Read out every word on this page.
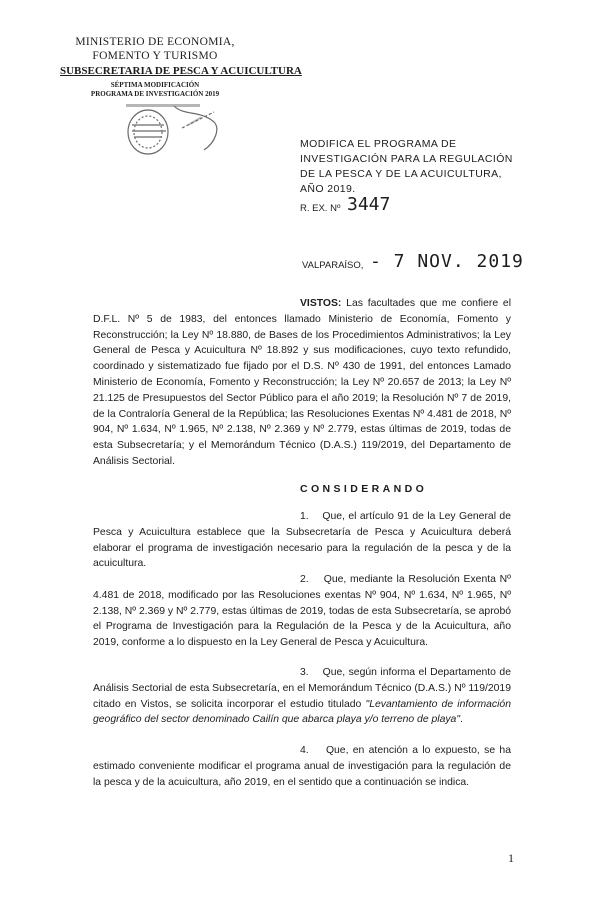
MINISTERIO DE ECONOMIA,
FOMENTO Y TURISMO
SUBSECRETARIA DE PESCA Y ACUICULTURA
SÉPTIMA MODIFICACIÓN
PROGRAMA DE INVESTIGACIÓN 2019
MODIFICA EL PROGRAMA DE INVESTIGACIÓN PARA LA REGULACIÓN DE LA PESCA Y DE LA ACUICULTURA, AÑO 2019.
R. EX. Nº 3447
VALPARAÍSO, - 7 NOV. 2019
VISTOS: Las facultades que me confiere el D.F.L. Nº 5 de 1983, del entonces llamado Ministerio de Economía, Fomento y Reconstrucción; la Ley Nº 18.880, de Bases de los Procedimientos Administrativos; la Ley General de Pesca y Acuicultura Nº 18.892 y sus modificaciones, cuyo texto refundido, coordinado y sistematizado fue fijado por el D.S. Nº 430 de 1991, del entonces Lamado Ministerio de Economía, Fomento y Reconstrucción; la Ley Nº 20.657 de 2013; la Ley Nº 21.125 de Presupuestos del Sector Público para el año 2019; la Resolución Nº 7 de 2019, de la Contraloría General de la República; las Resoluciones Exentas Nº 4.481 de 2018, Nº 904, Nº 1.634, Nº 1.965, Nº 2.138, Nº 2.369 y Nº 2.779, estas últimas de 2019, todas de esta Subsecretaría; y el Memorándum Técnico (D.A.S.) 119/2019, del Departamento de Análisis Sectorial.
CONSIDERANDO
1. Que, el artículo 91 de la Ley General de Pesca y Acuicultura establece que la Subsecretaría de Pesca y Acuicultura deberá elaborar el programa de investigación necesario para la regulación de la pesca y de la acuicultura.
2. Que, mediante la Resolución Exenta Nº 4.481 de 2018, modificado por las Resoluciones exentas Nº 904, Nº 1.634, Nº 1.965, Nº 2.138, Nº 2.369 y Nº 2.779, estas últimas de 2019, todas de esta Subsecretaría, se aprobó el Programa de Investigación para la Regulación de la Pesca y de la Acuicultura, año 2019, conforme a lo dispuesto en la Ley General de Pesca y Acuicultura.
3. Que, según informa el Departamento de Análisis Sectorial de esta Subsecretaría, en el Memorándum Técnico (D.A.S.) Nº 119/2019 citado en Vistos, se solicita incorporar el estudio titulado "Levantamiento de información geográfico del sector denominado Cailín que abarca playa y/o terreno de playa".
4. Que, en atención a lo expuesto, se ha estimado conveniente modificar el programa anual de investigación para la regulación de la pesca y de la acuicultura, año 2019, en el sentido que a continuación se indica.
1
